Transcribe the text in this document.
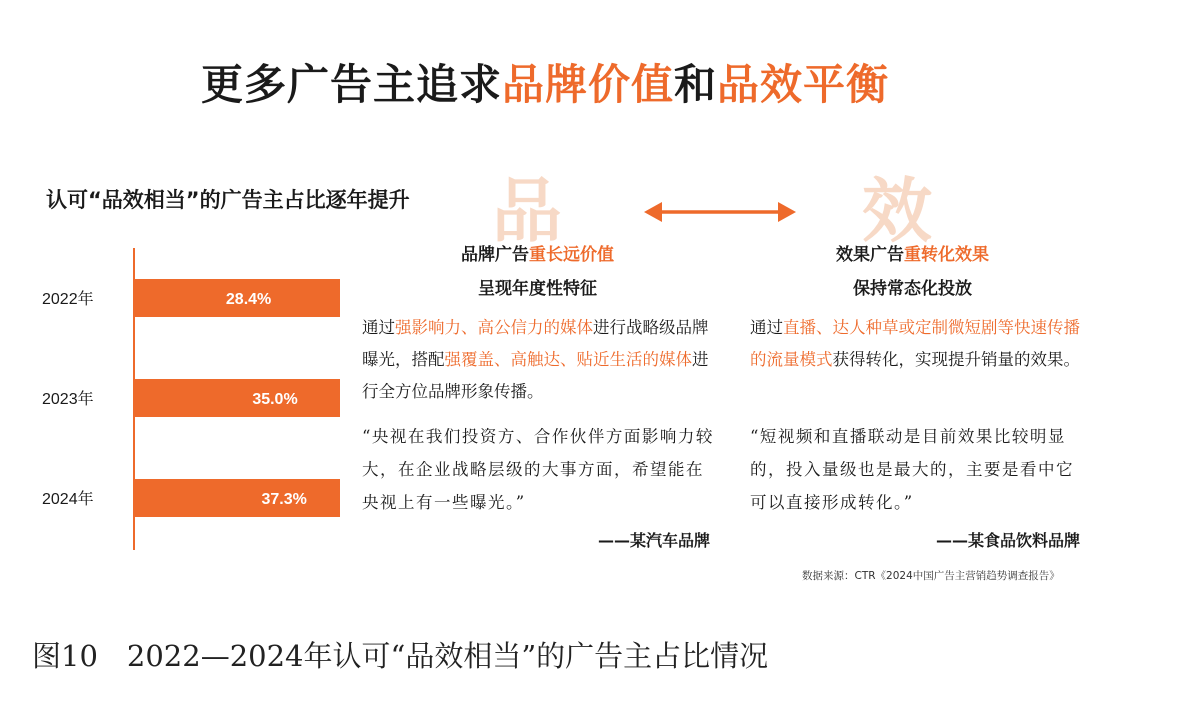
更多广告主追求品牌价值和品效平衡
认可“品效相当”的广告主占比逐年提升
2022年	28.4%
2023年	35.0%
2024年	37.3%
品	效
品牌广告重长远价值
呈现年度性特征
通过强影响力、高公信力的媒体进行战略级品牌曝光，搭配强覆盖、高触达、贴近生活的媒体进行全方位品牌形象传播。
“央视在我们投资方、合作伙伴方面影响力较大，在企业战略层级的大事方面，希望能在央视上有一些曝光。”
——某汽车品牌
效果广告重转化效果
保持常态化投放
通过直播、达人种草或定制微短剧等快速传播的流量模式获得转化，实现提升销量的效果。
“短视频和直播联动是目前效果比较明显的，投入量级也是最大的，主要是看中它可以直接形成转化。”
——某食品饮料品牌
数据来源：CTR《2024中国广告主营销趋势调查报告》
图10　2022—2024年认可“品效相当”的广告主占比情况
